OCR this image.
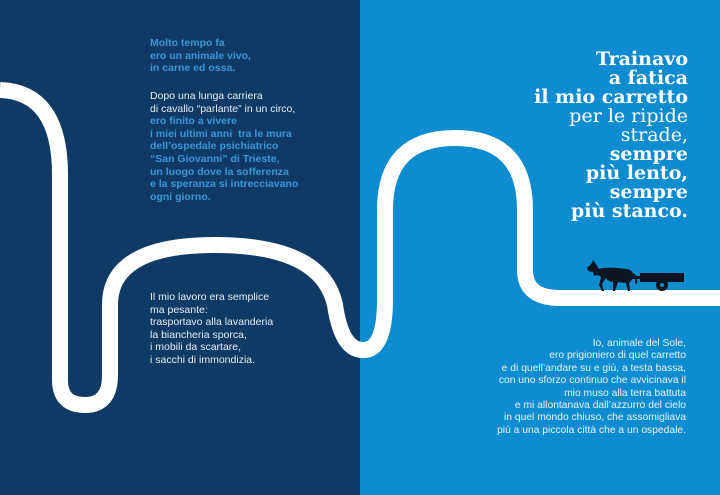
Molto tempo fa
ero un animale vivo,
in carne ed ossa.

Dopo una lunga carriera
di cavallo “parlante” in un circo,
ero finito a vivere
i miei ultimi anni  tra le mura
dell’ospedale psichiatrico
“San Giovanni” di Trieste,
un luogo dove la sofferenza
e la speranza si intrecciavano
ogni giorno.

Il mio lavoro era semplice
ma pesante:
trasportavo alla lavanderia
la biancheria sporca,
i mobili da scartare,
i sacchi di immondizia.

Trainavo
a fatica
il mio carretto
per le ripide
strade,
sempre
più lento,
sempre
più stanco.

Io, animale del Sole,
ero prigioniero di quel carretto
e di quell’andare su e giù, a testa bassa,
con uno sforzo continuo che avvicinava il
mio muso alla terra battuta
e mi allontanava dall’azzurro del cielo
in quel mondo chiuso, che assomigliava
più a una piccola città che a un ospedale.
